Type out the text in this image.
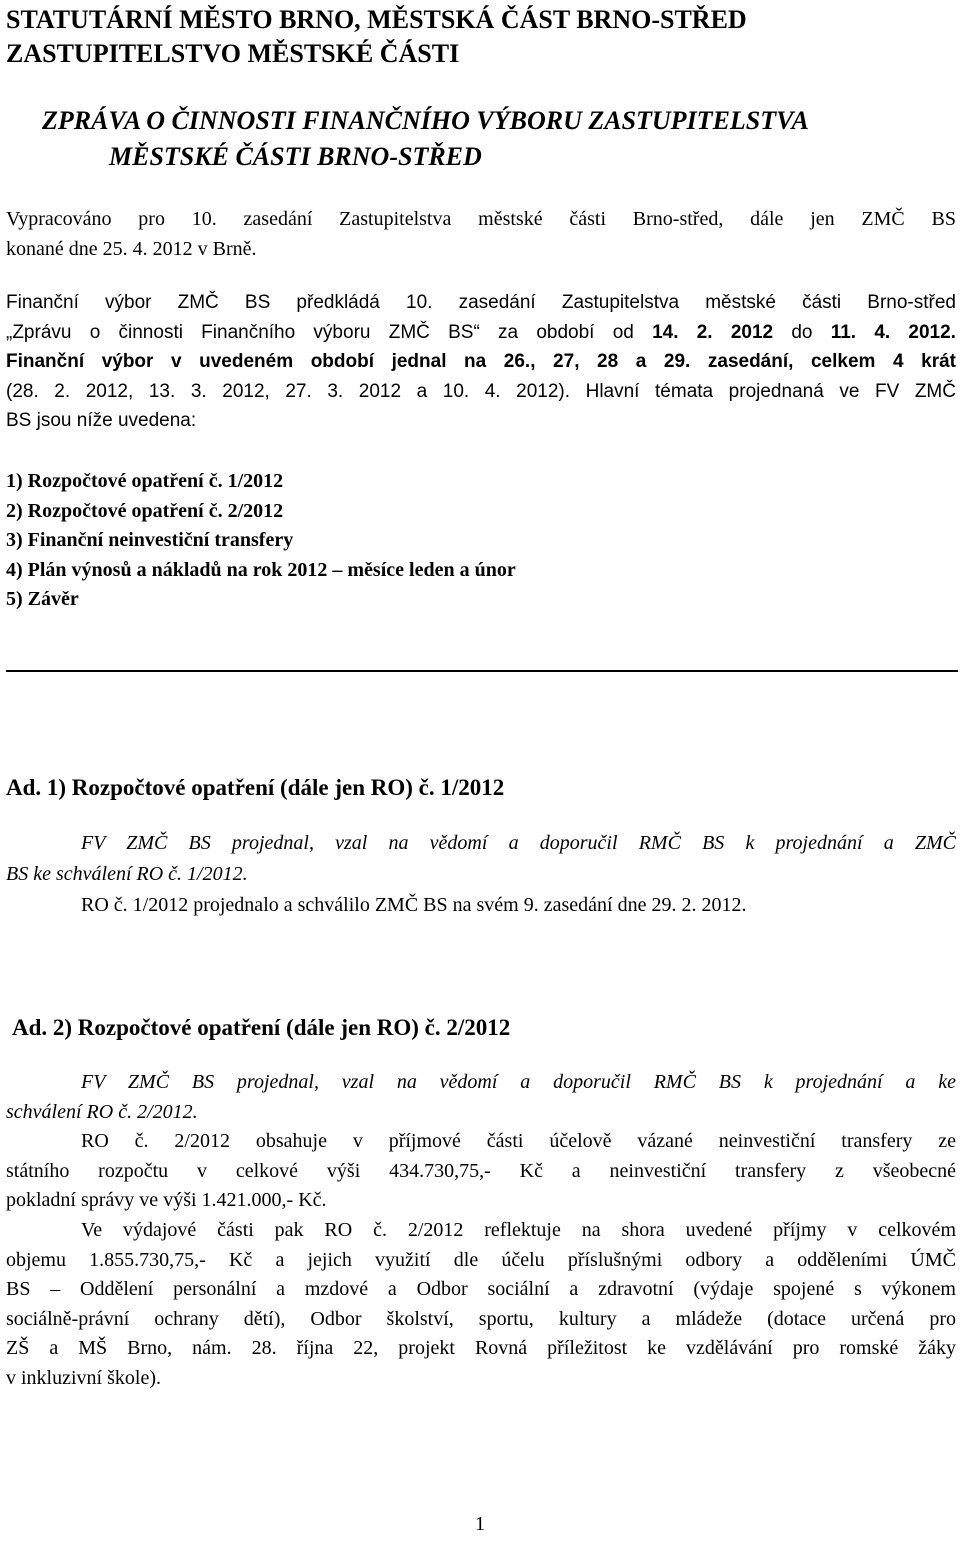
STATUTÁRNÍ MĚSTO BRNO, MĚSTSKÁ ČÁST BRNO-STŘED
ZASTUPITELSTVO MĚSTSKÉ ČÁSTI
ZPRÁVA O ČINNOSTI FINANČNÍHO VÝBORU ZASTUPITELSTVA
MĚSTSKÉ ČÁSTI BRNO-STŘED
Vypracováno pro 10. zasedání Zastupitelstva městské části Brno-střed, dále jen ZMČ BS
konané dne 25. 4. 2012 v Brně.
Finanční výbor ZMČ BS předkládá 10. zasedání Zastupitelstva městské části Brno-střed
„Zprávu o činnosti Finančního výboru ZMČ BS“ za období od 14. 2. 2012 do 11. 4. 2012.
Finanční výbor v uvedeném období jednal na 26., 27, 28 a 29. zasedání, celkem 4 krát
(28. 2. 2012, 13. 3. 2012, 27. 3. 2012 a 10. 4. 2012). Hlavní témata projednaná ve FV ZMČ
BS jsou níže uvedena:
1) Rozpočtové opatření č. 1/2012
2) Rozpočtové opatření č. 2/2012
3) Finanční neinvestiční transfery
4) Plán výnosů a nákladů na rok 2012 – měsíce leden a únor
5) Závěr
Ad. 1) Rozpočtové opatření (dále jen RO) č. 1/2012
FV ZMČ BS projednal, vzal na vědomí a doporučil RMČ BS k projednání a ZMČ
BS ke schválení RO č. 1/2012.
RO č. 1/2012 projednalo a schválilo ZMČ BS na svém 9. zasedání dne 29. 2. 2012.
Ad. 2) Rozpočtové opatření (dále jen RO) č. 2/2012
FV ZMČ BS projednal, vzal na vědomí a doporučil RMČ BS k projednání a ke
schválení RO č. 2/2012.
RO č. 2/2012 obsahuje v příjmové části účelově vázané neinvestiční transfery ze
státního rozpočtu v celkové výši 434.730,75,- Kč a neinvestiční transfery z všeobecné
pokladní správy ve výši 1.421.000,- Kč.
Ve výdajové části pak RO č. 2/2012 reflektuje na shora uvedené příjmy v celkovém
objemu 1.855.730,75,- Kč a jejich využití dle účelu příslušnými odbory a odděleními ÚMČ
BS – Oddělení personální a mzdové a Odbor sociální a zdravotní (výdaje spojené s výkonem
sociálně-právní ochrany dětí), Odbor školství, sportu, kultury a mládeže (dotace určená pro
ZŠ a MŠ Brno, nám. 28. října 22, projekt Rovná příležitost ke vzdělávání pro romské žáky
v inkluzivní škole).
1
